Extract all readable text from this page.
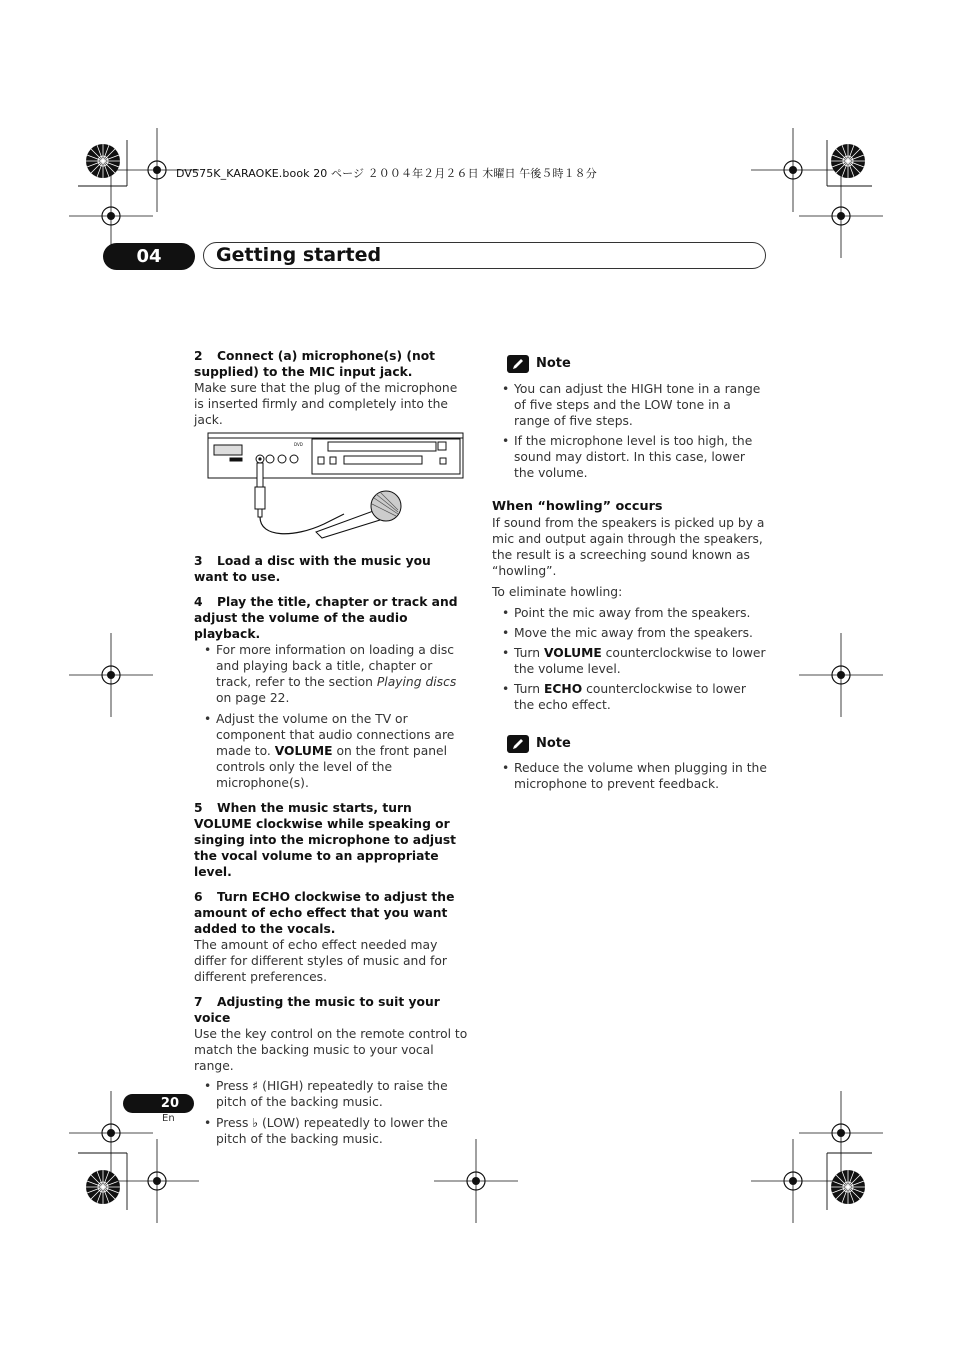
DV575K_KARAOKE.book 20 ページ ２００４年２月２６日 木曜日 午後５時１８分
04	Getting started

2 Connect (a) microphone(s) (not supplied) to the MIC input jack.

Make sure that the plug of the microphone is inserted firmly and completely into the jack.

DVD

3 Load a disc with the music you want to use.

4 Play the title, chapter or track and adjust the volume of the audio playback.

• For more information on loading a disc and playing back a title, chapter or track, refer to the section Playing discs on page 22.
• Adjust the volume on the TV or component that audio connections are made to. VOLUME on the front panel controls only the level of the microphone(s).

5 When the music starts, turn VOLUME clockwise while speaking or singing into the microphone to adjust the vocal volume to an appropriate level.

6 Turn ECHO clockwise to adjust the amount of echo effect that you want added to the vocals.

The amount of echo effect needed may differ for different styles of music and for different preferences.

7 Adjusting the music to suit your voice

Use the key control on the remote control to match the backing music to your vocal range.

• Press ♯ (HIGH) repeatedly to raise the pitch of the backing music.
• Press ♭ (LOW) repeatedly to lower the pitch of the backing music.
Note
• You can adjust the HIGH tone in a range of five steps and the LOW tone in a range of five steps.
• If the microphone level is too high, the sound may distort. In this case, lower the volume.

When “howling” occurs

If sound from the speakers is picked up by a mic and output again through the speakers, the result is a screeching sound known as “howling”.

To eliminate howling:

• Point the mic away from the speakers.
• Move the mic away from the speakers.
• Turn VOLUME counterclockwise to lower the volume level.
• Turn ECHO counterclockwise to lower the echo effect.
Note
• Reduce the volume when plugging in the microphone to prevent feedback.
20
En
